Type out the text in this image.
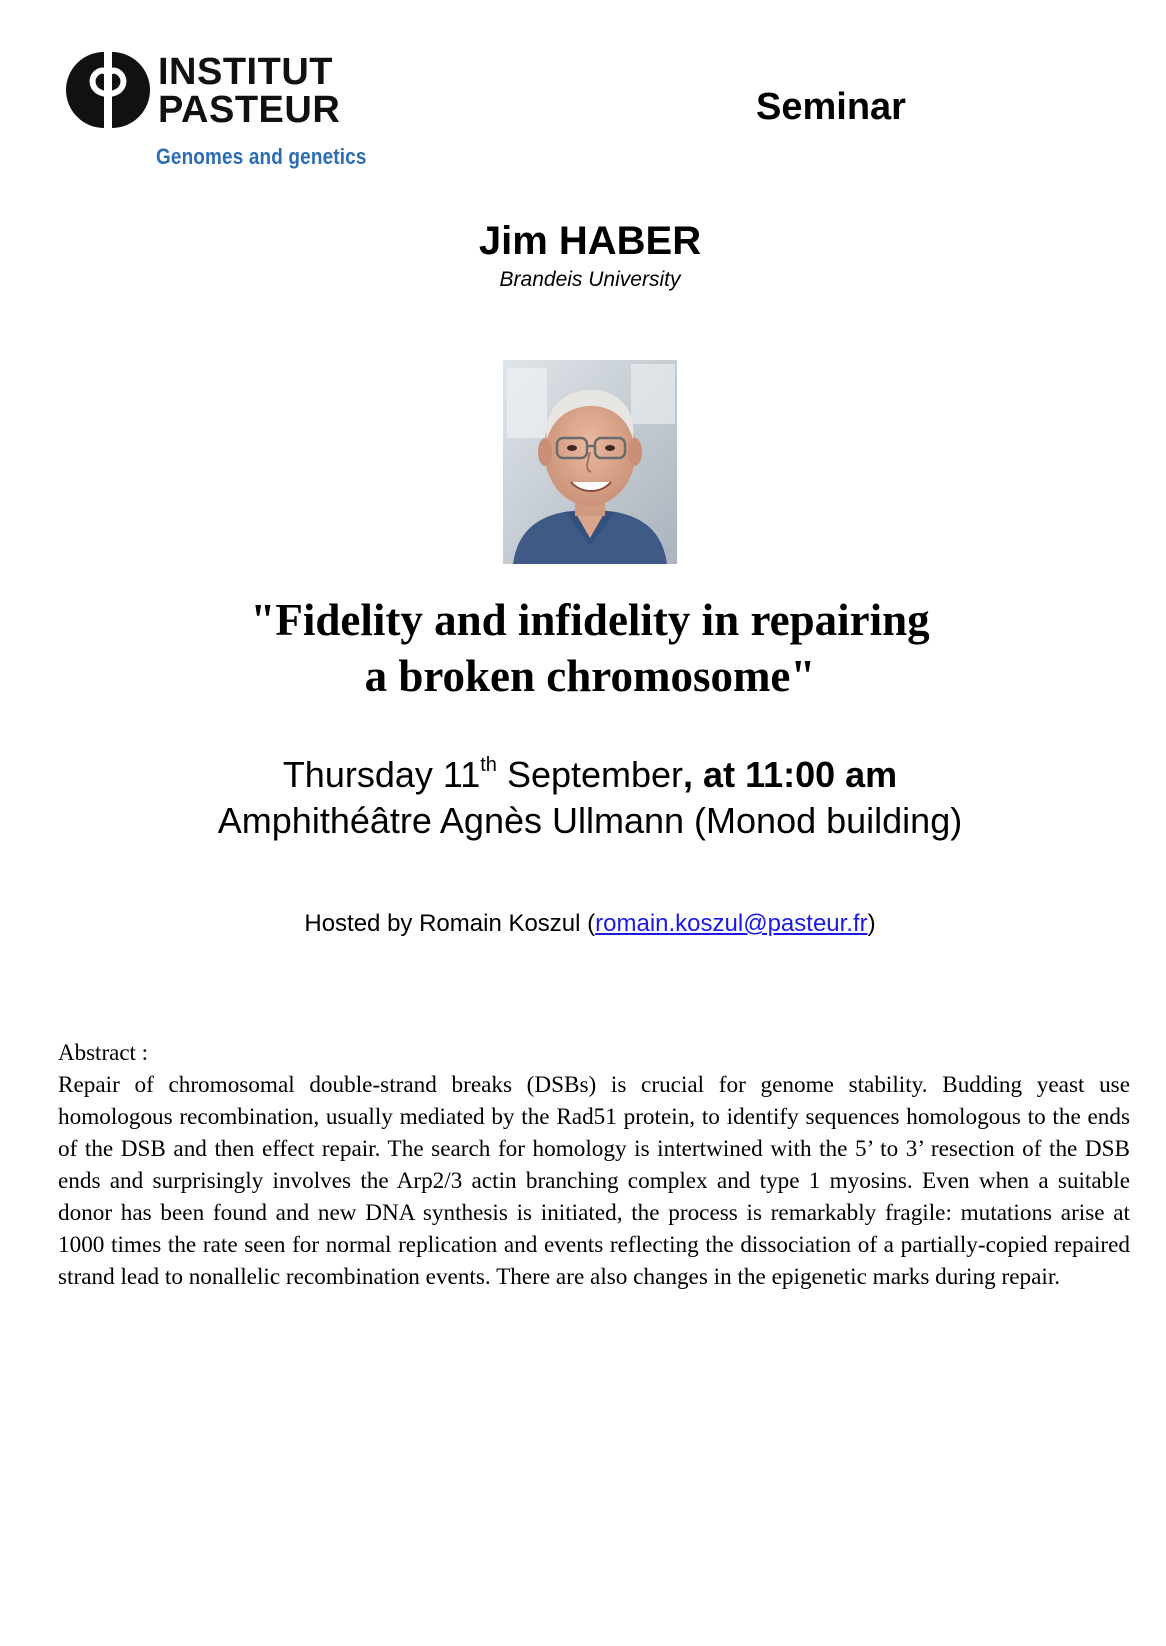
INSTITUT
PASTEUR
Genomes and genetics
Seminar
Jim HABER
Brandeis University
"Fidelity and infidelity in repairing
a broken chromosome"
Thursday 11th September, at 11:00 am
Amphithéâtre Agnès Ullmann (Monod building)
Hosted by Romain Koszul (romain.koszul@pasteur.fr)
Abstract :
Repair of chromosomal double-strand breaks (DSBs) is crucial for genome stability. Budding yeast use homologous recombination, usually mediated by the Rad51 protein, to identify sequences homologous to the ends of the DSB and then effect repair. The search for homology is intertwined with the 5’ to 3’ resection of the DSB ends and surprisingly involves the Arp2/3 actin branching complex and type 1 myosins. Even when a suitable donor has been found and new DNA synthesis is initiated, the process is remarkably fragile: mutations arise at 1000 times the rate seen for normal replication and events reflecting the dissociation of a partially-copied repaired strand lead to nonallelic recombination events. There are also changes in the epigenetic marks during repair.
